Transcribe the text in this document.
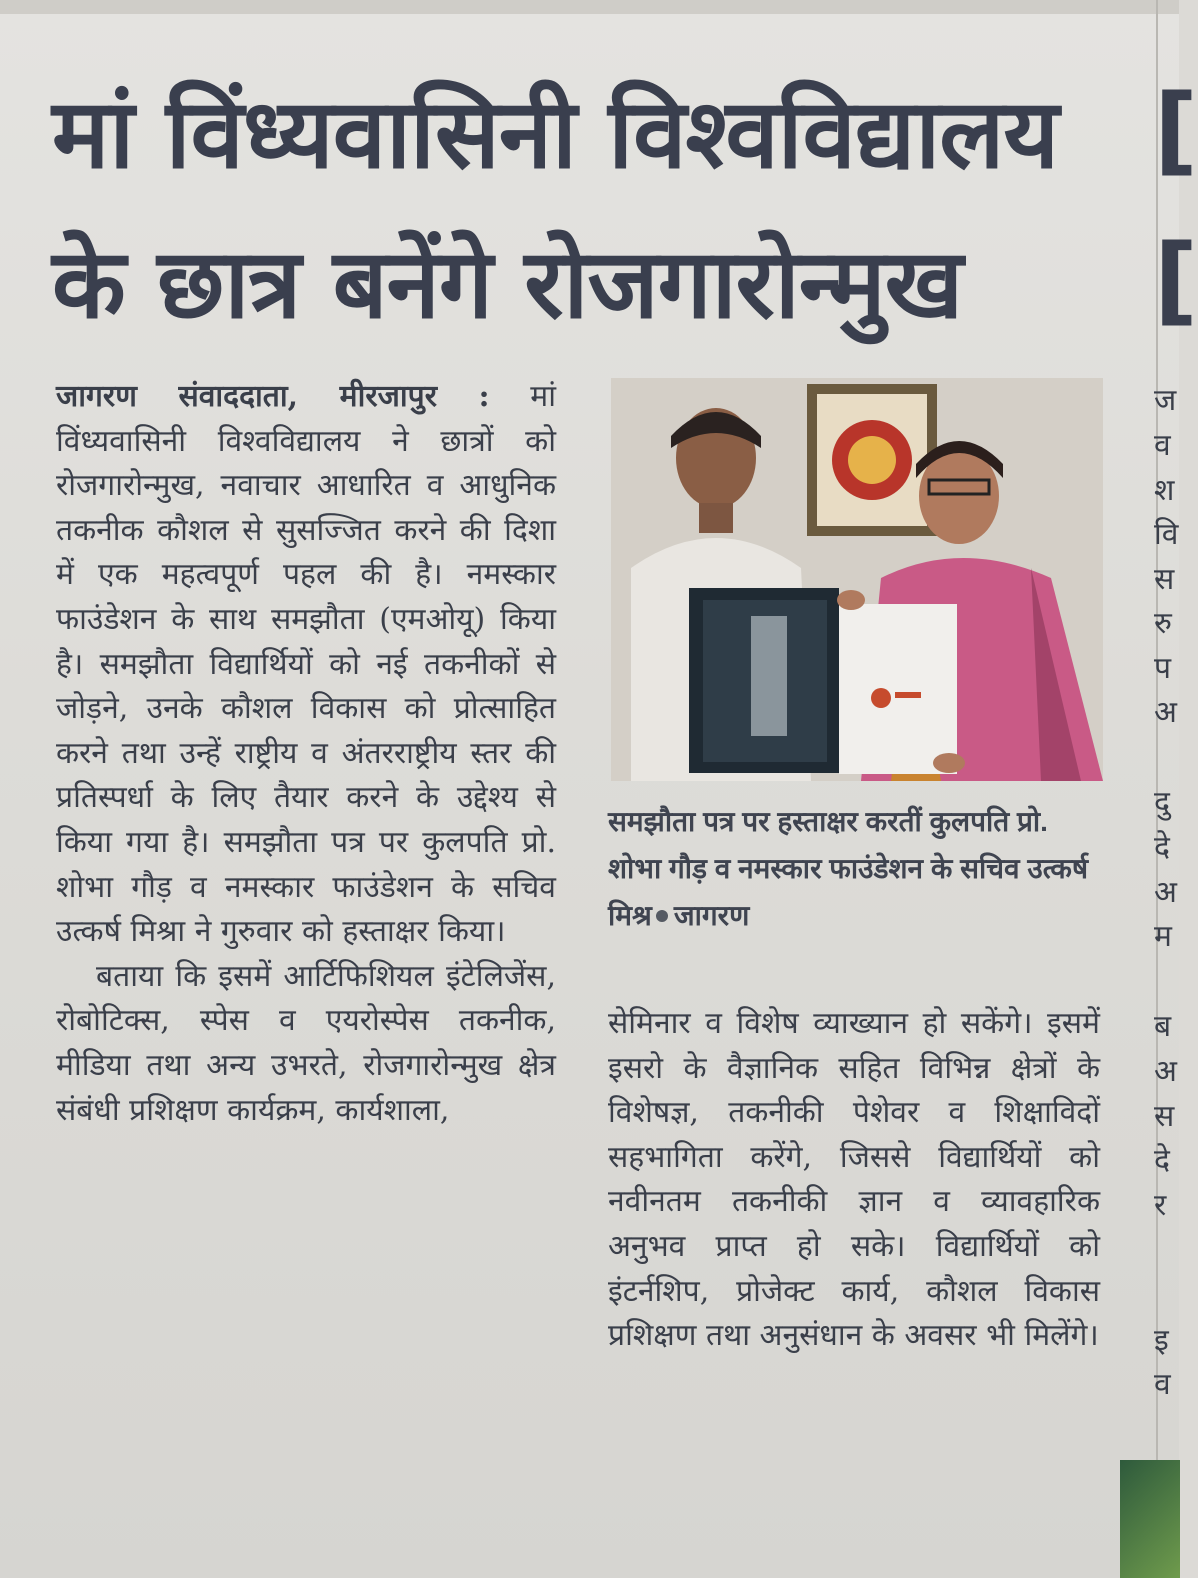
मां विंध्यवासिनी विश्वविद्यालय
के छात्र बनेंगे रोजगारोन्मुख

जागरण संवाददाता, मीरजापुर : मां विंध्यवासिनी विश्वविद्यालय ने छात्रों को रोजगारोन्मुख, नवाचार आधारित व आधुनिक तकनीक कौशल से सुसज्जित करने की दिशा में एक महत्वपूर्ण पहल की है। नमस्कार फाउंडेशन के साथ समझौता (एमओयू) किया है। समझौता विद्यार्थियों को नई तकनीकों से जोड़ने, उनके कौशल विकास को प्रोत्साहित करने तथा उन्हें राष्ट्रीय व अंतरराष्ट्रीय स्तर की प्रतिस्पर्धा के लिए तैयार करने के उद्देश्य से किया गया है। समझौता पत्र पर कुलपति प्रो. शोभा गौड़ व नमस्कार फाउंडेशन के सचिव उत्कर्ष मिश्रा ने गुरुवार को हस्ताक्षर किया।

बताया कि इसमें आर्टिफिशियल इंटेलिजेंस, रोबोटिक्स, स्पेस व एयरोस्पेस तकनीक, मीडिया तथा अन्य उभरते, रोजगारोन्मुख क्षेत्र संबंधी प्रशिक्षण कार्यक्रम, कार्यशाला,

समझौता पत्र पर हस्ताक्षर करतीं कुलपति प्रो. शोभा गौड़ व नमस्कार फाउंडेशन के सचिव उत्कर्ष मिश्र जागरण

सेमिनार व विशेष व्याख्यान हो सकेंगे। इसमें इसरो के वैज्ञानिक सहित विभिन्न क्षेत्रों के विशेषज्ञ, तकनीकी पेशेवर व शिक्षाविदों सहभागिता करेंगे, जिससे विद्यार्थियों को नवीनतम तकनीकी ज्ञान व व्यावहारिक अनुभव प्राप्त हो सके। विद्यार्थियों को इंटर्नशिप, प्रोजेक्ट कार्य, कौशल विकास प्रशिक्षण तथा अनुसंधान के अवसर भी मिलेंगे।

[
[
ज
व
श
वि
स
रु
प
अ
दु
दे
अ
म
ब
अ
स
दे
र
इ
व
